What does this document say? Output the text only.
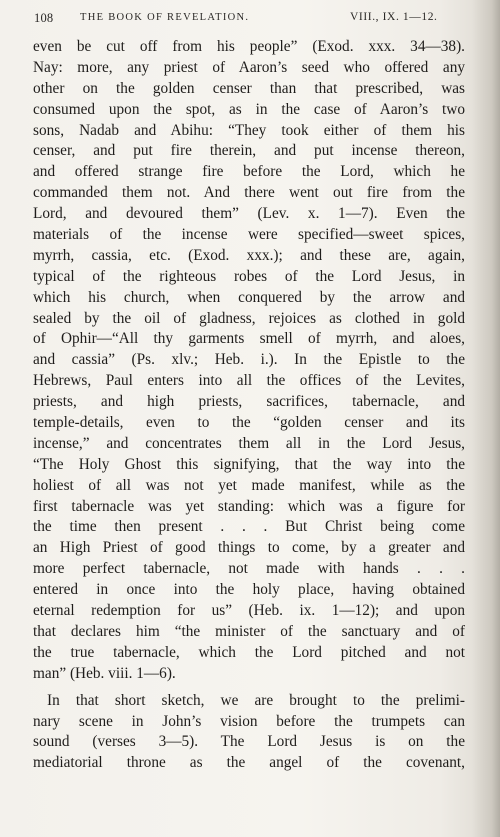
108	THE BOOK OF REVELATION.	VIII., IX. 1—12.
even be cut off from his people” (Exod. xxx. 34—38).
Nay: more, any priest of Aaron’s seed who offered any
other on the golden censer than that prescribed, was
consumed upon the spot, as in the case of Aaron’s two
sons, Nadab and Abihu: “They took either of them his
censer, and put fire therein, and put incense thereon,
and offered strange fire before the Lord, which he
commanded them not. And there went out fire from the
Lord, and devoured them” (Lev. x. 1—7). Even the
materials of the incense were specified—sweet spices,
myrrh, cassia, etc. (Exod. xxx.); and these are, again,
typical of the righteous robes of the Lord Jesus, in
which his church, when conquered by the arrow and
sealed by the oil of gladness, rejoices as clothed in gold
of Ophir—“All thy garments smell of myrrh, and aloes,
and cassia” (Ps. xlv.; Heb. i.). In the Epistle to the
Hebrews, Paul enters into all the offices of the Levites,
priests, and high priests, sacrifices, tabernacle, and
temple-details, even to the “golden censer and its
incense,” and concentrates them all in the Lord Jesus,
“The Holy Ghost this signifying, that the way into the
holiest of all was not yet made manifest, while as the
first tabernacle was yet standing: which was a figure for
the time then present . . . But Christ being come
an High Priest of good things to come, by a greater and
more perfect tabernacle, not made with hands . . .
entered in once into the holy place, having obtained
eternal redemption for us” (Heb. ix. 1—12); and upon
that declares him “the minister of the sanctuary and of
the true tabernacle, which the Lord pitched and not
man” (Heb. viii. 1—6).
In that short sketch, we are brought to the prelimi-
nary scene in John’s vision before the trumpets can
sound (verses 3—5). The Lord Jesus is on the
mediatorial throne as the angel of the covenant,
